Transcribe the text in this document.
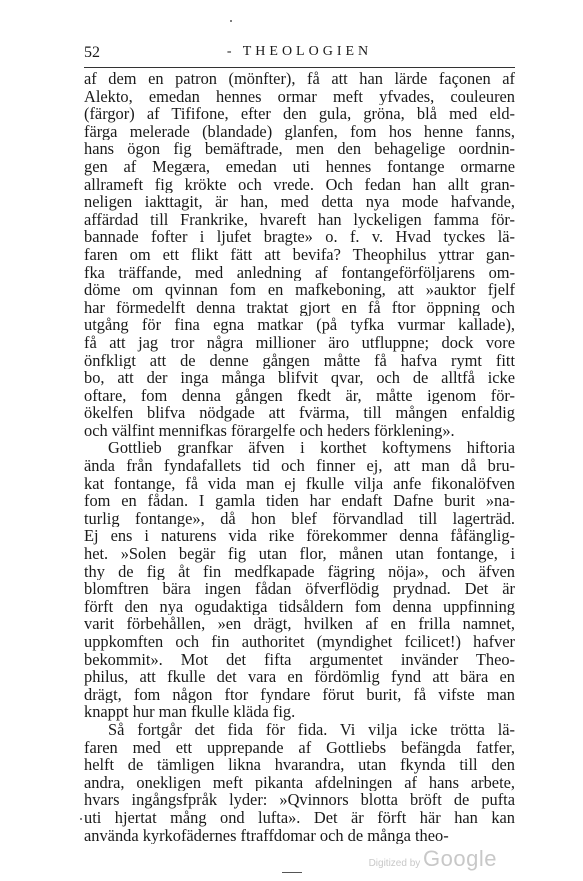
52	- THEOLOGIEN
af dem en patron (mönfter), få att han lärde façonen af
Alekto, emedan hennes ormar meft yfvades, couleuren
(färgor) af Tififone, efter den gula, gröna, blå med eld-
färga melerade (blandade) glanfen, fom hos henne fanns,
hans ögon fig bemäftrade, men den behagelige oordnin-
gen af Megæra, emedan uti hennes fontange ormarne
allrameft fig krökte och vrede. Och fedan han allt gran-
neligen iakttagit, är han, med detta nya mode hafvande,
affärdad till Frankrike, hvareft han lyckeligen famma för-
bannade fofter i ljufet bragte» o. f. v. Hvad tyckes lä-
faren om ett flikt fätt att bevifa? Theophilus yttrar gan-
fka träffande, med anledning af fontangeförföljarens om-
döme om qvinnan fom en mafkeboning, att »auktor fjelf
har förmedelft denna traktat gjort en få ftor öppning och
utgång för fina egna matkar (på tyfka vurmar kallade),
få att jag tror några millioner äro utfluppne; dock vore
önfkligt att de denne gången måtte få hafva rymt fitt
bo, att der inga många blifvit qvar, och de alltfå icke
oftare, fom denna gången fkedt är, måtte igenom för-
ökelfen blifva nödgade att fvärma, till mången enfaldig
och välfint mennifkas förargelfe och heders förklening».
Gottlieb granfkar äfven i korthet koftymens hiftoria
ända från fyndafallets tid och finner ej, att man då bru-
kat fontange, få vida man ej fkulle vilja anfe fikonalöfven
fom en fådan. I gamla tiden har endaft Dafne burit »na-
turlig fontange», då hon blef förvandlad till lagerträd.
Ej ens i naturens vida rike förekommer denna fåfänglig-
het. »Solen begär fig utan flor, månen utan fontange, i
thy de fig åt fin medfkapade fägring nöja», och äfven
blomftren bära ingen fådan öfverflödig prydnad. Det är
förft den nya ogudaktiga tidsåldern fom denna uppfinning
varit förbehållen, »en drägt, hvilken af en frilla namnet,
uppkomften och fin authoritet (myndighet fcilicet!) hafver
bekommit». Mot det fifta argumentet invänder Theo-
philus, att fkulle det vara en fördömlig fynd att bära en
drägt, fom någon ftor fyndare förut burit, få vifste man
knappt hur man fkulle kläda fig.
Så fortgår det fida för fida. Vi vilja icke trötta lä-
faren med ett upprepande af Gottliebs befängda fatfer,
helft de tämligen likna hvarandra, utan fkynda till den
andra, onekligen meft pikanta afdelningen af hans arbete,
hvars ingångsfpråk lyder: »Qvinnors blotta bröft de pufta
uti hjertat mång ond lufta». Det är förft här han kan
använda kyrkofädernes ftraffdomar och de många theo-
Digitized by Google
